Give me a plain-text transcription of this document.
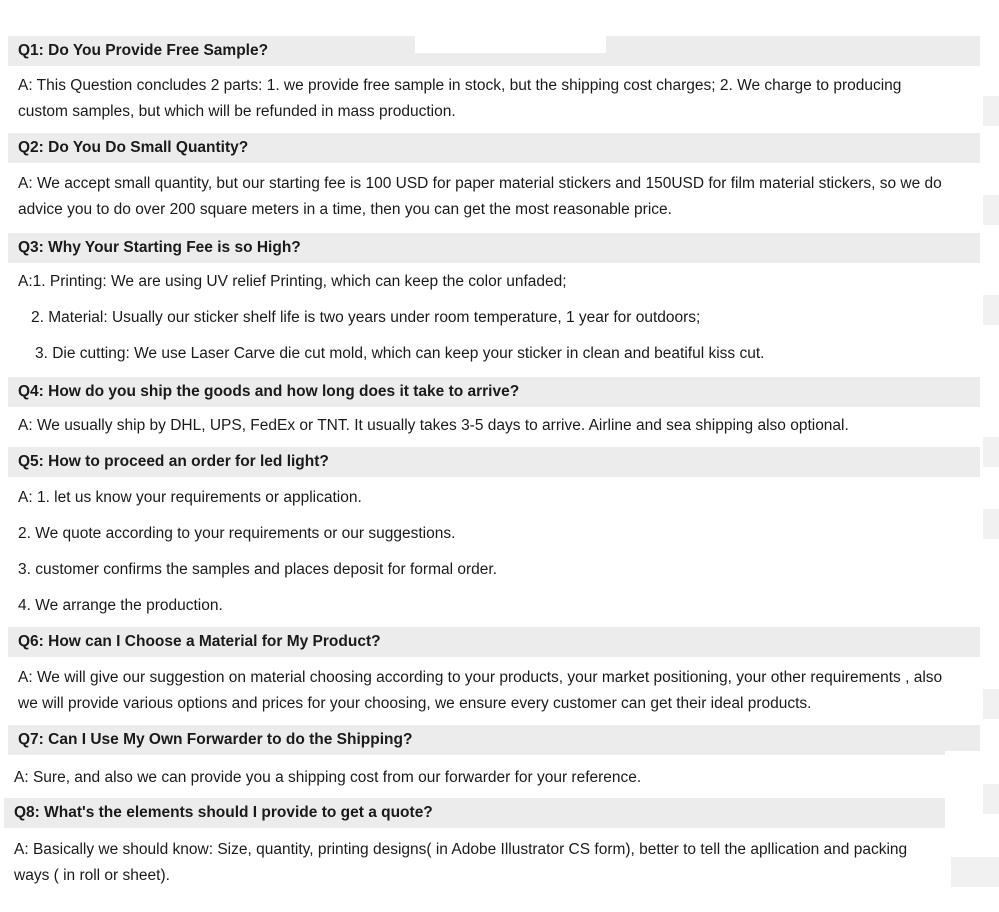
Q1: Do You Provide Free Sample?
A: This Question concludes 2 parts: 1. we provide free sample in stock, but the shipping cost charges; 2. We charge to producing
custom samples, but which will be refunded in mass production.
Q2: Do You Do Small Quantity?
A: We accept small quantity, but our starting fee is 100 USD for paper material stickers and 150USD for film material stickers, so we do
advice you to do over 200 square meters in a time, then you can get the most reasonable price.
Q3: Why Your Starting Fee is so High?
A:1. Printing: We are using UV relief Printing, which can keep the color unfaded;
2. Material: Usually our sticker shelf life is two years under room temperature, 1 year for outdoors;
3. Die cutting: We use Laser Carve die cut mold, which can keep your sticker in clean and beatiful kiss cut.
Q4: How do you ship the goods and how long does it take to arrive?
A: We usually ship by DHL, UPS, FedEx or TNT. It usually takes 3-5 days to arrive. Airline and sea shipping also optional.
Q5: How to proceed an order for led light?
A: 1. let us know your requirements or application.
2. We quote according to your requirements or our suggestions.
3. customer confirms the samples and places deposit for formal order.
4. We arrange the production.
Q6: How can I Choose a Material for My Product?
A: We will give our suggestion on material choosing according to your products, your market positioning, your other requirements , also
we will provide various options and prices for your choosing, we ensure every customer can get their ideal products.
Q7: Can I Use My Own Forwarder to do the Shipping?
A: Sure, and also we can provide you a shipping cost from our forwarder for your reference.
Q8: What's the elements should I provide to get a quote?
A: Basically we should know: Size, quantity, printing designs( in Adobe Illustrator CS form), better to tell the apllication and packing
ways ( in roll or sheet).
